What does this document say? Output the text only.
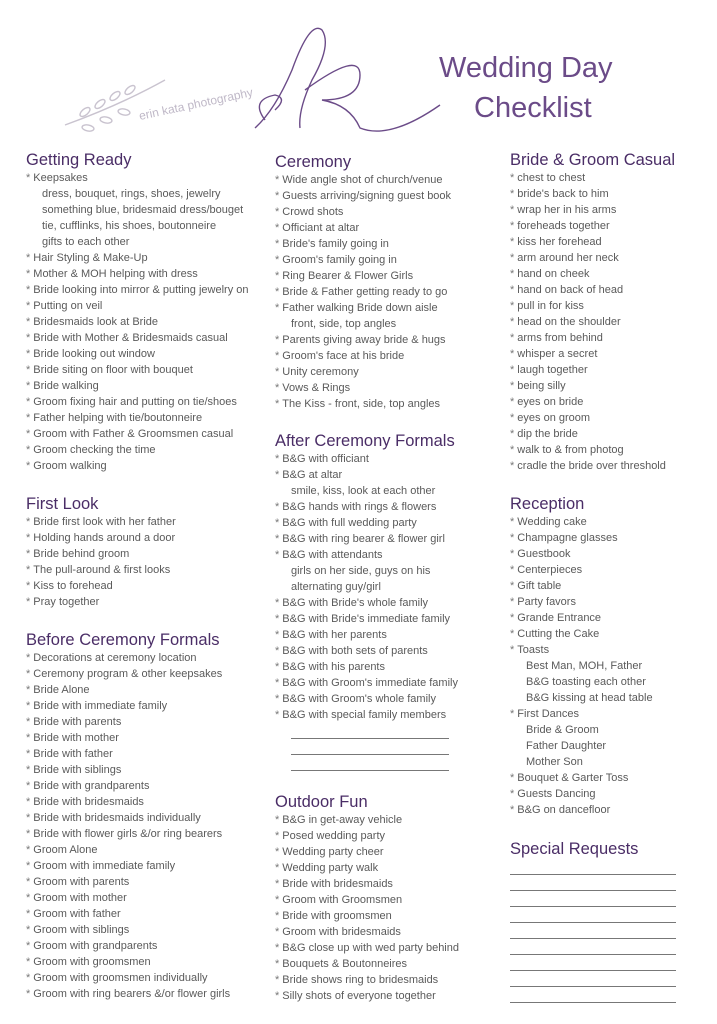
erin kata photography
Wedding Day
Checklist
Getting Ready
* Keepsakes
dress, bouquet, rings, shoes, jewelry
something blue, bridesmaid dress/bouget
tie, cufflinks, his shoes, boutonneire
gifts to each other
* Hair Styling & Make-Up
* Mother & MOH helping with dress
* Bride looking into mirror & putting jewelry on
* Putting on veil
* Bridesmaids look at Bride
* Bride with Mother & Bridesmaids casual
* Bride looking out window
* Bride siting on floor with bouquet
* Bride walking
* Groom fixing hair and putting on tie/shoes
* Father helping with tie/boutonneire
* Groom with Father & Groomsmen casual
* Groom checking the time
* Groom walking
First Look
* Bride first look with her father
* Holding hands around a door
* Bride behind groom
* The pull-around & first looks
* Kiss to forehead
* Pray together
Before Ceremony Formals
* Decorations at ceremony location
* Ceremony program & other keepsakes
* Bride Alone
* Bride with immediate family
* Bride with parents
* Bride with mother
* Bride with father
* Bride with siblings
* Bride with grandparents
* Bride with bridesmaids
* Bride with bridesmaids individually
* Bride with flower girls &/or ring bearers
* Groom Alone
* Groom with immediate family
* Groom with parents
* Groom with mother
* Groom with father
* Groom with siblings
* Groom with grandparents
* Groom with groomsmen
* Groom with groomsmen individually
* Groom with ring bearers &/or flower girls
Ceremony
* Wide angle shot of church/venue
* Guests arriving/signing guest book
* Crowd shots
* Officiant at altar
* Bride's family going in
* Groom's family going in
* Ring Bearer & Flower Girls
* Bride & Father getting ready to go
* Father walking Bride down aisle
front, side, top angles
* Parents giving away bride & hugs
* Groom's face at his bride
* Unity ceremony
* Vows & Rings
* The Kiss - front, side, top angles
After Ceremony Formals
* B&G with officiant
* B&G at altar
smile, kiss, look at each other
* B&G hands with rings & flowers
* B&G with full wedding party
* B&G with ring bearer & flower girl
* B&G with attendants
girls on her side, guys on his
alternating guy/girl
* B&G with Bride's whole family
* B&G with Bride's immediate family
* B&G with her parents
* B&G with both sets of parents
* B&G with his parents
* B&G with Groom's immediate family
* B&G with Groom's whole family
* B&G with special family members
Outdoor Fun
* B&G in get-away vehicle
* Posed wedding party
* Wedding party cheer
* Wedding party walk
* Bride with bridesmaids
* Groom with Groomsmen
* Bride with groomsmen
* Groom with bridesmaids
* B&G close up with wed party behind
* Bouquets & Boutonneires
* Bride shows ring to bridesmaids
* Silly shots of everyone together
Bride & Groom Casual
* chest to chest
* bride's back to him
* wrap her in his arms
* foreheads together
* kiss her forehead
* arm around her neck
* hand on cheek
* hand on back of head
* pull in for kiss
* head on the shoulder
* arms from behind
* whisper a secret
* laugh together
* being silly
* eyes on bride
* eyes on groom
* dip the bride
* walk to & from photog
* cradle the bride over threshold
Reception
* Wedding cake
* Champagne glasses
* Guestbook
* Centerpieces
* Gift table
* Party favors
* Grande Entrance
* Cutting the Cake
* Toasts
Best Man, MOH, Father
B&G toasting each other
B&G kissing at head table
* First Dances
Bride & Groom
Father Daughter
Mother Son
* Bouquet & Garter Toss
* Guests Dancing
* B&G on dancefloor
Special Requests
